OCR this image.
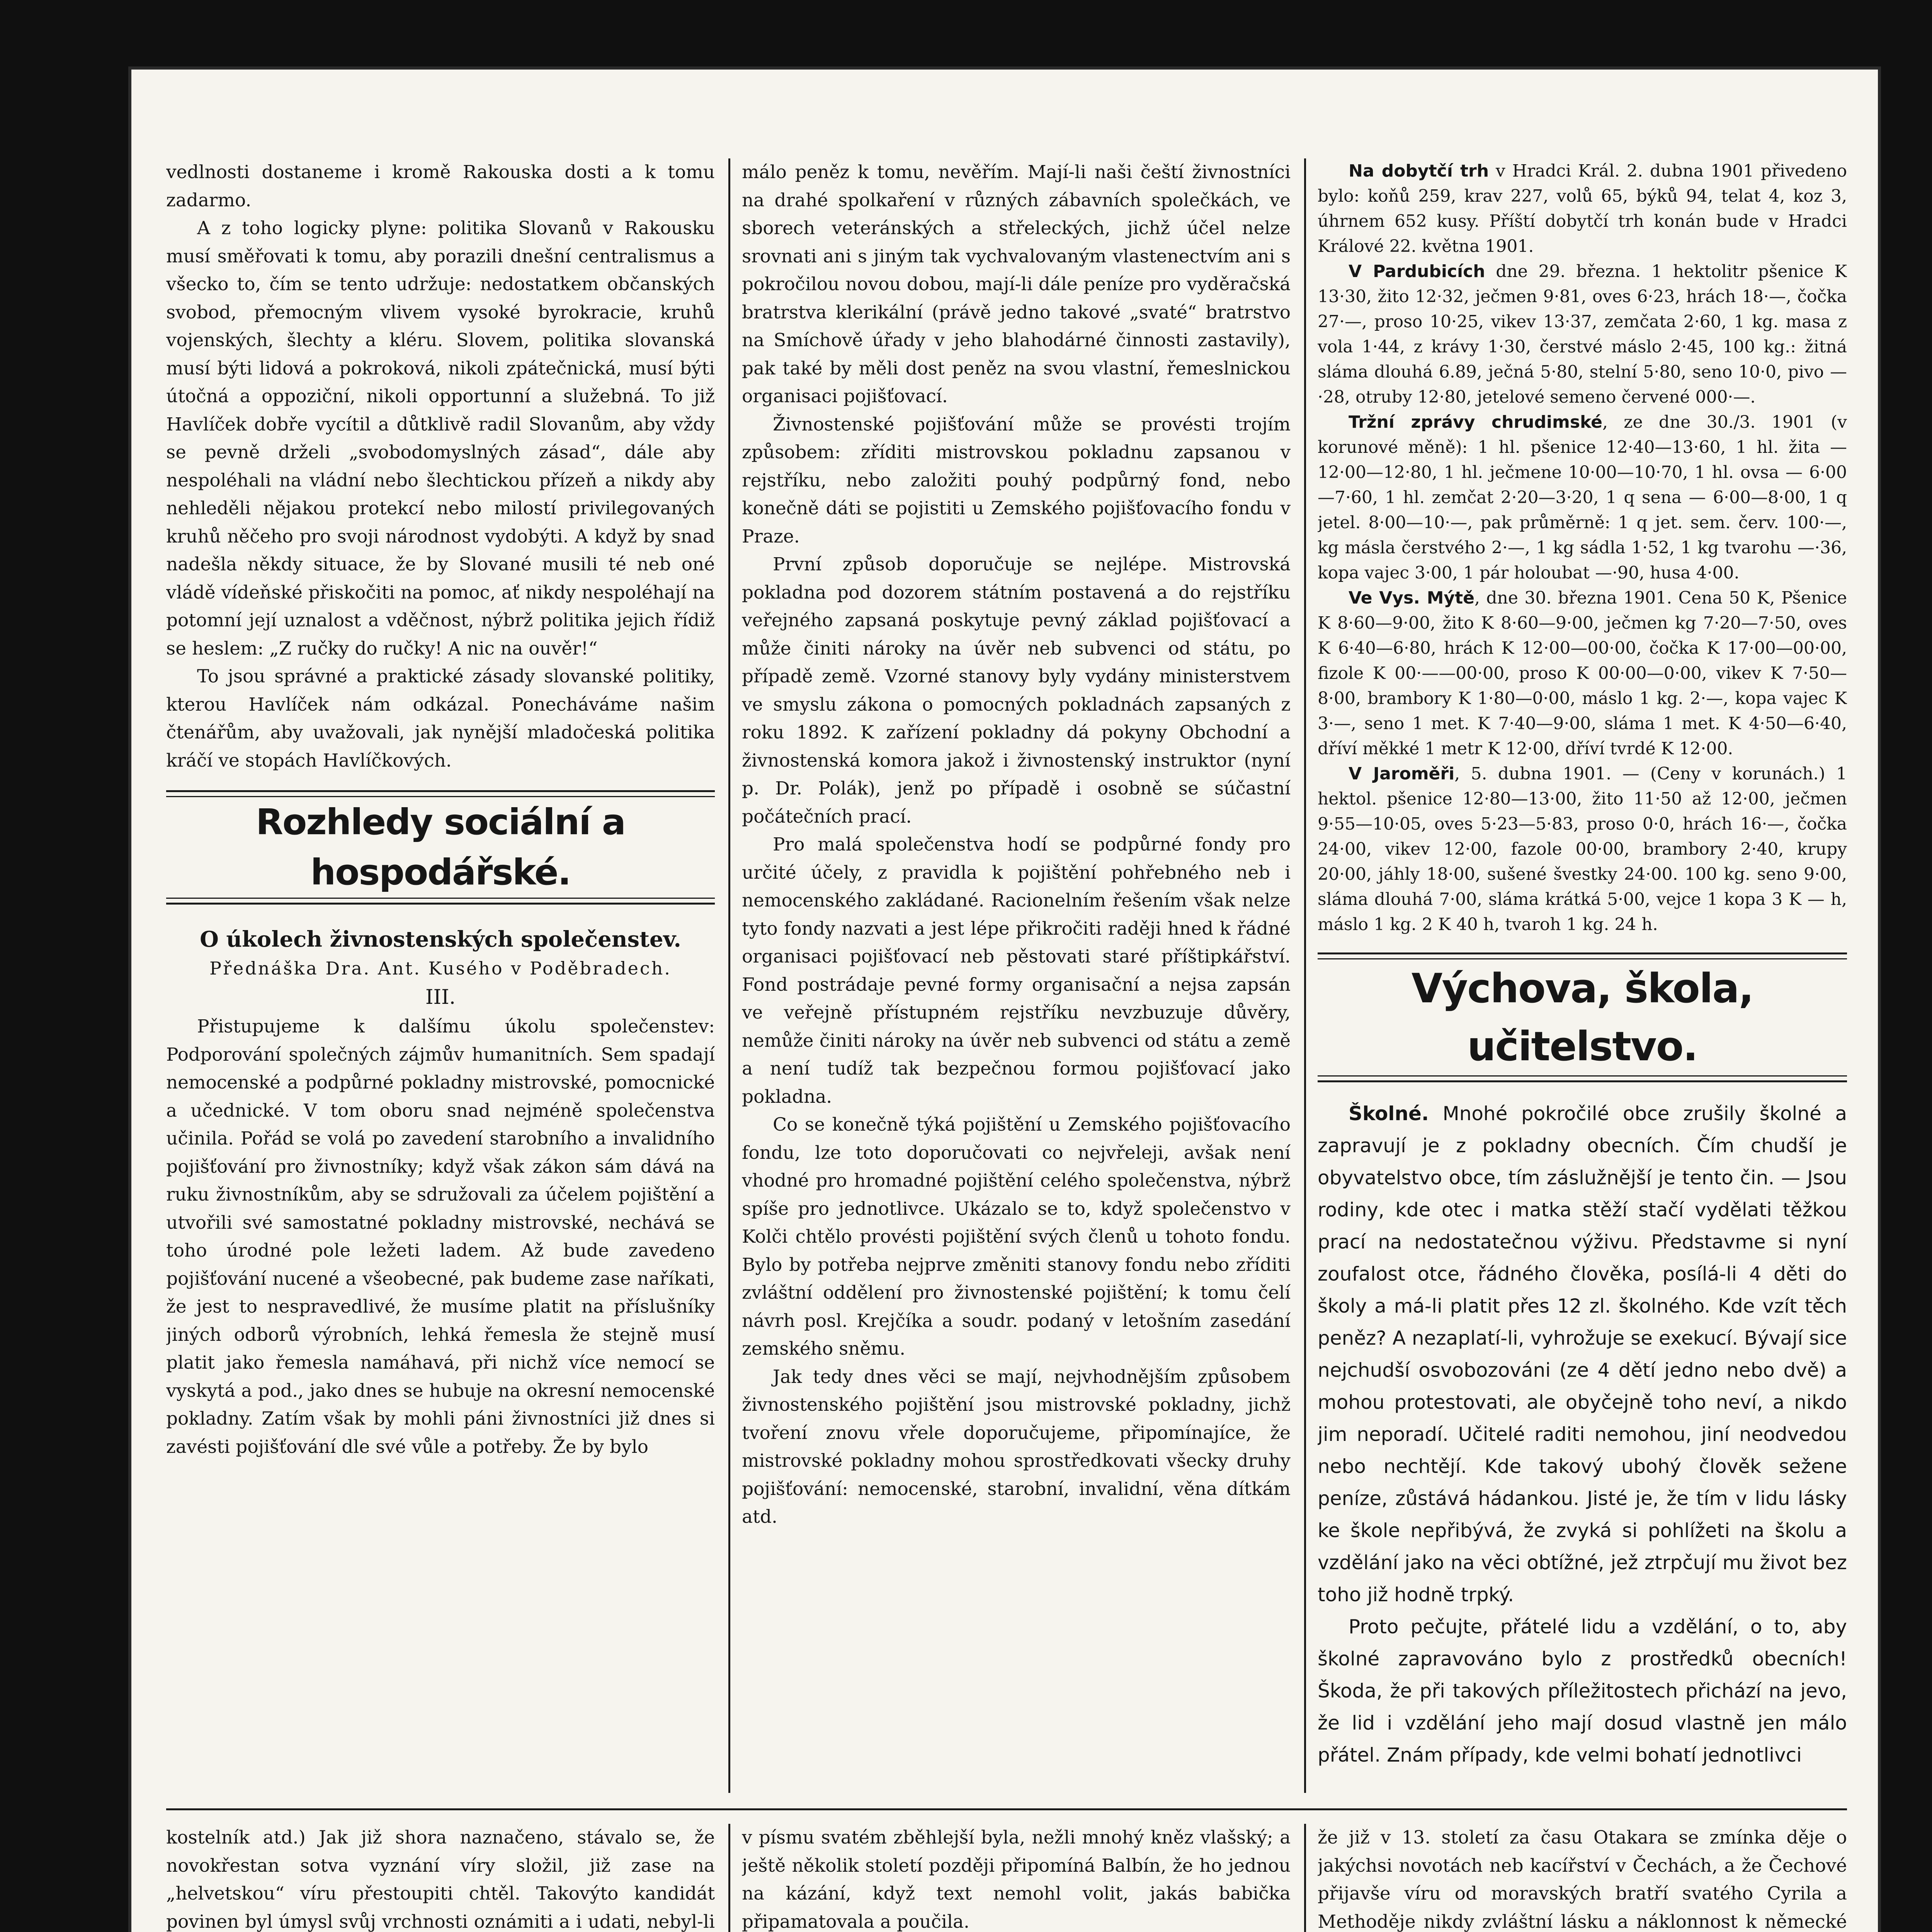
vedlnosti dostaneme i kromě Rakouska dosti a k tomu zadarmo.

A z toho logicky plyne: politika Slovanů v Rakousku musí směřovati k tomu, aby porazili dnešní centralismus a všecko to, čím se tento udržuje: nedostatkem občanských svobod, přemocným vlivem vysoké byrokracie, kruhů vojenských, šlechty a kléru. Slovem, politika slovanská musí býti lidová a pokroková, nikoli zpátečnická, musí býti útočná a oppoziční, nikoli opportunní a služebná. To již Havlíček dobře vycítil a důtklivě radil Slovanům, aby vždy se pevně drželi „svobodomyslných zásad“, dále aby nespoléhali na vládní nebo šlechtickou přízeň a nikdy aby nehleděli nějakou protekcí nebo milostí privilegovaných kruhů něčeho pro svoji národnost vydobýti. A když by snad nadešla někdy situace, že by Slované musili té neb oné vládě vídeňské přiskočiti na pomoc, ať nikdy nespoléhají na potomní její uznalost a vděčnost, nýbrž politika jejich řídiž se heslem: „Z ručky do ručky! A nic na ouvěr!“

To jsou správné a praktické zásady slovanské politiky, kterou Havlíček nám odkázal. Ponecháváme našim čtenářům, aby uvažovali, jak nynější mladočeská politika kráčí ve stopách Havlíčkových.

Rozhledy sociální a hospodářské.
O úkolech živnostenských společenstev.
Přednáška Dra. Ant. Kusého v Poděbradech.
III.

Přistupujeme k dalšímu úkolu společenstev: Podporování společných zájmův humanitních. Sem spadají nemocenské a podpůrné pokladny mistrovské, pomocnické a učednické. V tom oboru snad nejméně společenstva učinila. Pořád se volá po zavedení starobního a invalidního pojišťování pro živnostníky; když však zákon sám dává na ruku živnostníkům, aby se sdružovali za účelem pojištění a utvořili své samostatné pokladny mistrovské, nechává se toho úrodné pole ležeti ladem. Až bude zavedeno pojišťování nucené a všeobecné, pak budeme zase naříkati, že jest to nespravedlivé, že musíme platit na příslušníky jiných odborů výrobních, lehká řemesla že stejně musí platit jako řemesla namáhavá, při nichž více nemocí se vyskytá a pod., jako dnes se hubuje na okresní nemocenské pokladny. Zatím však by mohli páni živnostníci již dnes si zavésti pojišťování dle své vůle a potřeby. Že by bylo

málo peněz k tomu, nevěřím. Mají-li naši čeští živnostníci na drahé spolkaření v různých zábavních společkách, ve sborech veteránských a střeleckých, jichž účel nelze srovnati ani s jiným tak vychvalovaným vlastenectvím ani s pokročilou novou dobou, mají-li dále peníze pro vyděračská bratrstva klerikální (právě jedno takové „svaté“ bratrstvo na Smíchově úřady v jeho blahodárné činnosti zastavily), pak také by měli dost peněz na svou vlastní, řemeslnickou organisaci pojišťovací.

Živnostenské pojišťování může se provésti trojím způsobem: zříditi mistrovskou pokladnu zapsanou v rejstříku, nebo založiti pouhý podpůrný fond, nebo konečně dáti se pojistiti u Zemského pojišťovacího fondu v Praze.

První způsob doporučuje se nejlépe. Mistrovská pokladna pod dozorem státním postavená a do rejstříku veřejného zapsaná poskytuje pevný základ pojišťovací a může činiti nároky na úvěr neb subvenci od státu, po případě země. Vzorné stanovy byly vydány ministerstvem ve smyslu zákona o pomocných pokladnách zapsaných z roku 1892. K zařízení pokladny dá pokyny Obchodní a živnostenská komora jakož i živnostenský instruktor (nyní p. Dr. Polák), jenž po případě i osobně se súčastní počátečních prací.

Pro malá společenstva hodí se podpůrné fondy pro určité účely, z pravidla k pojištění pohřebného neb i nemocenského zakládané. Racionelním řešením však nelze tyto fondy nazvati a jest lépe přikročiti raději hned k řádné organisaci pojišťovací neb pěstovati staré příštipkářství. Fond postrádaje pevné formy organisační a nejsa zapsán ve veřejně přístupném rejstříku nevzbuzuje důvěry, nemůže činiti nároky na úvěr neb subvenci od státu a země a není tudíž tak bezpečnou formou pojišťovací jako pokladna.

Co se konečně týká pojištění u Zemského pojišťovacího fondu, lze toto doporučovati co nejvřeleji, avšak není vhodné pro hromadné pojištění celého společenstva, nýbrž spíše pro jednotlivce. Ukázalo se to, když společenstvo v Kolči chtělo provésti pojištění svých členů u tohoto fondu. Bylo by potřeba nejprve změniti stanovy fondu nebo zříditi zvláštní oddělení pro živnostenské pojištění; k tomu čelí návrh posl. Krejčíka a soudr. podaný v letošním zasedání zemského sněmu.

Jak tedy dnes věci se mají, nejvhodnějším způsobem živnostenského pojištění jsou mistrovské pokladny, jichž tvoření znovu vřele doporučujeme, připomínajíce, že mistrovské pokladny mohou sprostředkovati všecky druhy pojišťování: nemocenské, starobní, invalidní, věna dítkám atd.

Na dobytčí trh v Hradci Král. 2. dubna 1901 přivedeno bylo: koňů 259, krav 227, volů 65, býků 94, telat 4, koz 3, úhrnem 652 kusy. Příští dobytčí trh konán bude v Hradci Králové 22. května 1901.

V Pardubicích dne 29. března. 1 hektolitr pšenice K 13·30, žito 12·32, ječmen 9·81, oves 6·23, hrách 18·—, čočka 27·—, proso 10·25, vikev 13·37, zemčata 2·60, 1 kg. masa z vola 1·44, z krávy 1·30, čerstvé máslo 2·45, 100 kg.: žitná sláma dlouhá 6.89, ječná 5·80, stelní 5·80, seno 10·0, pivo —·28, otruby 12·80, jetelové semeno červené 000·—.

Tržní zprávy chrudimské, ze dne 30./3. 1901 (v korunové měně): 1 hl. pšenice 12·40—13·60, 1 hl. žita — 12·00—12·80, 1 hl. ječmene 10·00—10·70, 1 hl. ovsa — 6·00—7·60, 1 hl. zemčat 2·20—3·20, 1 q sena — 6·00—8·00, 1 q jetel. 8·00—10·—, pak průměrně: 1 q jet. sem. červ. 100·—, kg másla čerstvého 2·—, 1 kg sádla 1·52, 1 kg tvarohu —·36, kopa vajec 3·00, 1 pár holoubat —·90, husa 4·00.

Ve Vys. Mýtě, dne 30. března 1901. Cena 50 K, Pšenice K 8·60—9·00, žito K 8·60—9·00, ječmen kg 7·20—7·50, oves K 6·40—6·80, hrách K 12·00—00·00, čočka K 17·00—00·00, fizole K 00·——00·00, proso K 00·00—0·00, vikev K 7·50—8·00, brambory K 1·80—0·00, máslo 1 kg. 2·—, kopa vajec K 3·—, seno 1 met. K 7·40—9·00, sláma 1 met. K 4·50—6·40, dříví měkké 1 metr K 12·00, dříví tvrdé K 12·00.

V Jaroměři, 5. dubna 1901. — (Ceny v korunách.) 1 hektol. pšenice 12·80—13·00, žito 11·50 až 12·00, ječmen 9·55—10·05, oves 5·23—5·83, proso 0·0, hrách 16·—, čočka 24·00, vikev 12·00, fazole 00·00, brambory 2·40, krupy 20·00, jáhly 18·00, sušené švestky 24·00. 100 kg. seno 9·00, sláma dlouhá 7·00, sláma krátká 5·00, vejce 1 kopa 3 K — h, máslo 1 kg. 2 K 40 h, tvaroh 1 kg. 24 h.

Výchova, škola, učitelstvo.

Školné. Mnohé pokročilé obce zrušily školné a zapravují je z pokladny obecních. Čím chudší je obyvatelstvo obce, tím záslužnější je tento čin. — Jsou rodiny, kde otec i matka stěží stačí vydělati těžkou prací na nedostatečnou výživu. Představme si nyní zoufalost otce, řádného člověka, posílá-li 4 děti do školy a má-li platit přes 12 zl. školného. Kde vzít těch peněz? A nezaplatí-li, vyhrožuje se exekucí. Bývají sice nejchudší osvobozováni (ze 4 dětí jedno nebo dvě) a mohou protestovati, ale obyčejně toho neví, a nikdo jim neporadí. Učitelé raditi nemohou, jiní neodvedou nebo nechtějí. Kde takový ubohý člověk sežene peníze, zůstává hádankou. Jisté je, že tím v lidu lásky ke škole nepřibývá, že zvyká si pohlížeti na školu a vzdělání jako na věci obtížné, jež ztrpčují mu život bez toho již hodně trpký.

Proto pečujte, přátelé lidu a vzdělání, o to, aby školné zapravováno bylo z prostředků obecních! Škoda, že při takových příležitostech přichází na jevo, že lid i vzdělání jeho mají dosud vlastně jen málo přátel. Znám případy, kde velmi bohatí jednotlivci

kostelník atd.) Jak již shora naznačeno, stávalo se, že novokřestan sotva vyznání víry složil, již zase na „helvetskou“ víru přestoupiti chtěl. Takovýto kandidát povinen byl úmysl svůj vrchnosti oznámiti a i udati, nebyl-li

v písmu svatém zběhlejší byla, nežli mnohý kněz vlašský; a ještě několik století později připomíná Balbín, že ho jednou na kázání, když text nemohl volit, jakás babička připamatovala a poučila.

že již v 13. století za času Otakara se zmínka děje o jakýchsi novotách neb kacířství v Čechách, a že Čechové přijavše víru od moravských bratří svatého Cyrila a Methoděje nikdy zvláštní lásku a náklonnost k německé
